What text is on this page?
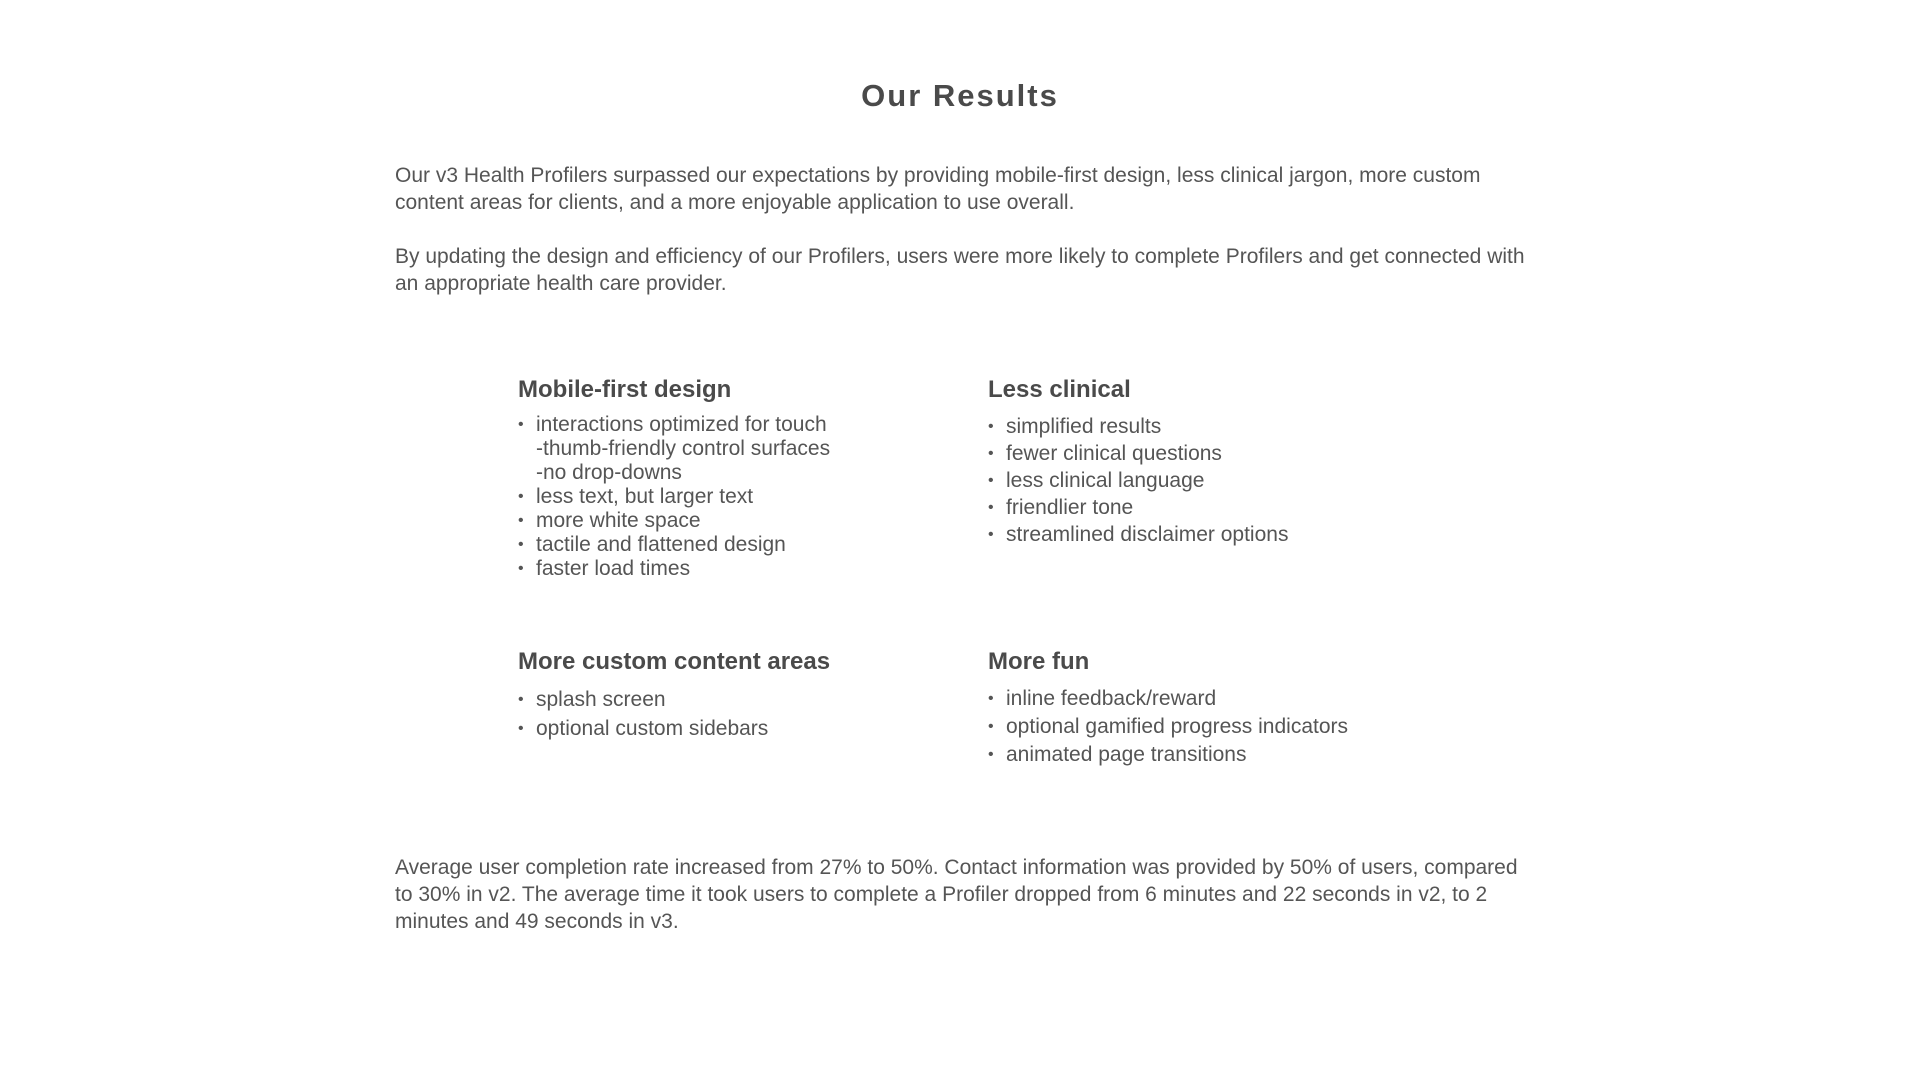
Our Results

Our v3 Health Profilers surpassed our expectations by providing mobile-first design, less clinical jargon, more custom content areas for clients, and a more enjoyable application to use overall.

By updating the design and efficiency of our Profilers, users were more likely to complete Profilers and get connected with an appropriate health care provider.

Mobile-first design
• interactions optimized for touch
-thumb-friendly control surfaces
-no drop-downs
• less text, but larger text
• more white space
• tactile and flattened design
• faster load times
Less clinical
• simplified results
• fewer clinical questions
• less clinical language
• friendlier tone
• streamlined disclaimer options
More custom content areas
• splash screen
• optional custom sidebars
More fun
• inline feedback/reward
• optional gamified progress indicators
• animated page transitions

Average user completion rate increased from 27% to 50%. Contact information was provided by 50% of users, compared to 30% in v2. The average time it took users to complete a Profiler dropped from 6 minutes and 22 seconds in v2, to 2 minutes and 49 seconds in v3.
